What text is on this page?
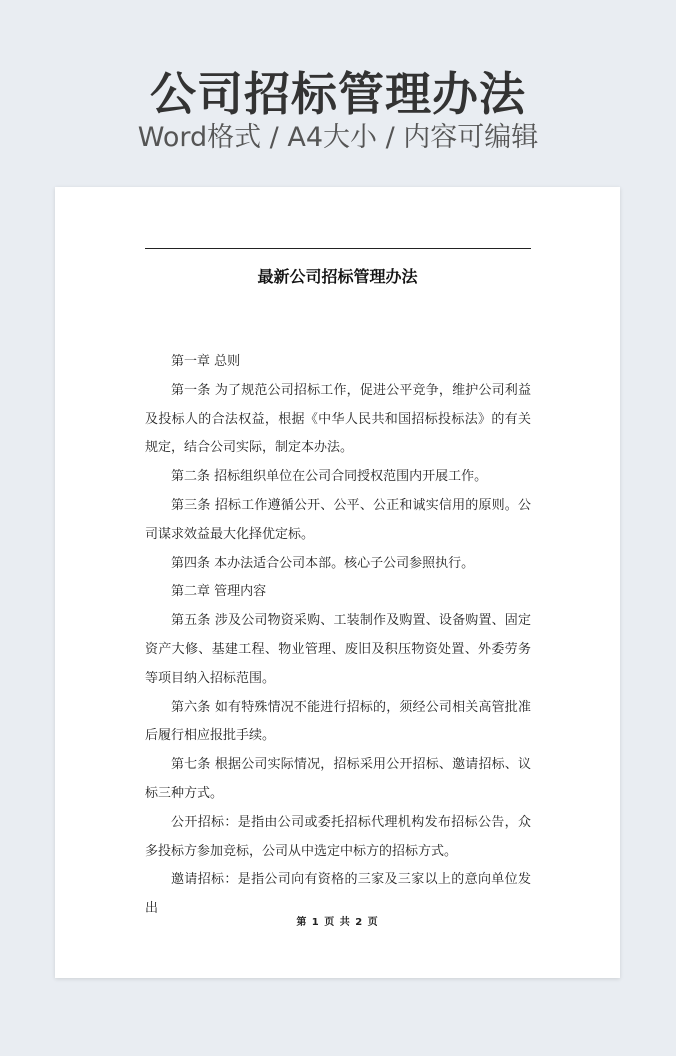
公司招标管理办法
Word格式 / A4大小 / 内容可编辑
最新公司招标管理办法

第一章 总则

第一条 为了规范公司招标工作，促进公平竞争，维护公司利益及投标人的合法权益，根据《中华人民共和国招标投标法》的有关规定，结合公司实际，制定本办法。

第二条 招标组织单位在公司合同授权范围内开展工作。

第三条 招标工作遵循公开、公平、公正和诚实信用的原则。公司谋求效益最大化择优定标。

第四条 本办法适合公司本部。核心子公司参照执行。

第二章 管理内容

第五条 涉及公司物资采购、工装制作及购置、设备购置、固定资产大修、基建工程、物业管理、废旧及积压物资处置、外委劳务等项目纳入招标范围。

第六条 如有特殊情况不能进行招标的，须经公司相关高管批准后履行相应报批手续。

第七条 根据公司实际情况，招标采用公开招标、邀请招标、议标三种方式。

公开招标：是指由公司或委托招标代理机构发布招标公告，众多投标方参加竞标，公司从中选定中标方的招标方式。

邀请招标：是指公司向有资格的三家及三家以上的意向单位发出

第 1 页 共 2 页
